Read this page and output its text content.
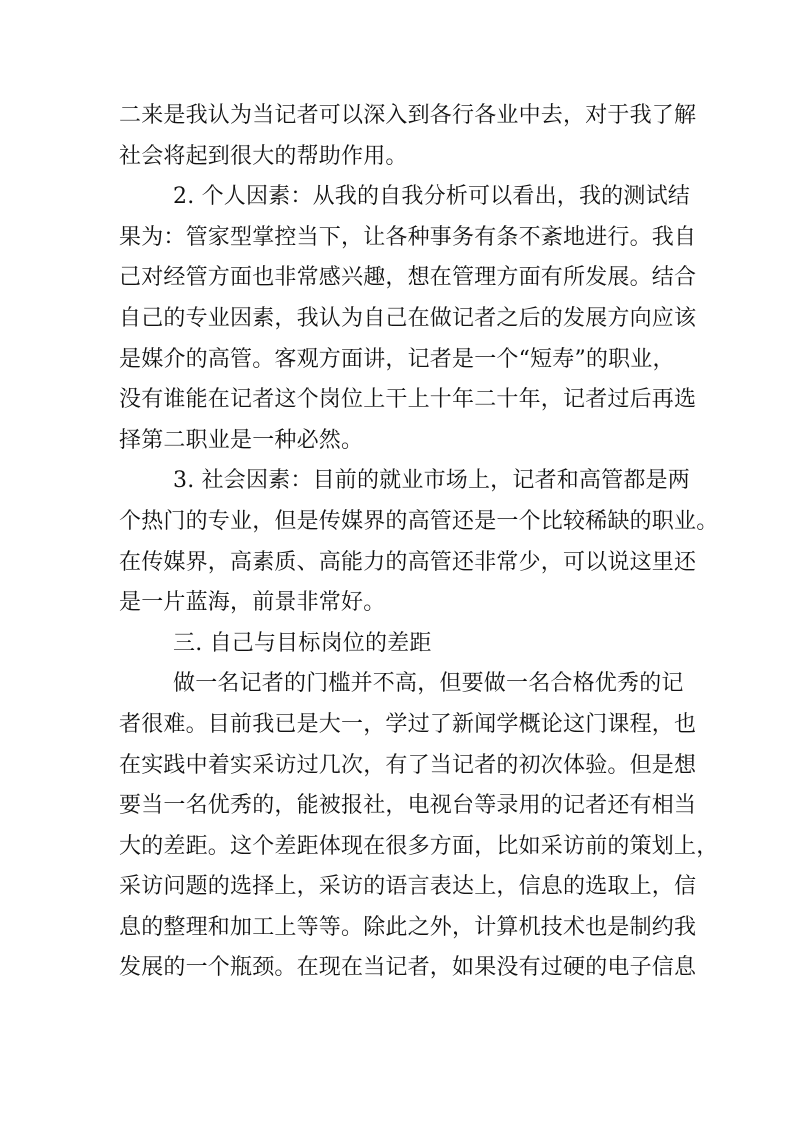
二来是我认为当记者可以深入到各行各业中去，对于我了解
社会将起到很大的帮助作用。
2. 个人因素：从我的自我分析可以看出，我的测试结
果为：管家型掌控当下，让各种事务有条不紊地进行。我自
己对经管方面也非常感兴趣，想在管理方面有所发展。结合
自己的专业因素，我认为自己在做记者之后的发展方向应该
是媒介的高管。客观方面讲，记者是一个“短寿”的职业，
没有谁能在记者这个岗位上干上十年二十年，记者过后再选
择第二职业是一种必然。
3. 社会因素：目前的就业市场上，记者和高管都是两
个热门的专业，但是传媒界的高管还是一个比较稀缺的职业。
在传媒界，高素质、高能力的高管还非常少，可以说这里还
是一片蓝海，前景非常好。
三. 自己与目标岗位的差距
做一名记者的门槛并不高，但要做一名合格优秀的记
者很难。目前我已是大一，学过了新闻学概论这门课程，也
在实践中着实采访过几次，有了当记者的初次体验。但是想
要当一名优秀的，能被报社，电视台等录用的记者还有相当
大的差距。这个差距体现在很多方面，比如采访前的策划上，
采访问题的选择上，采访的语言表达上，信息的选取上，信
息的整理和加工上等等。除此之外，计算机技术也是制约我
发展的一个瓶颈。在现在当记者，如果没有过硬的电子信息
